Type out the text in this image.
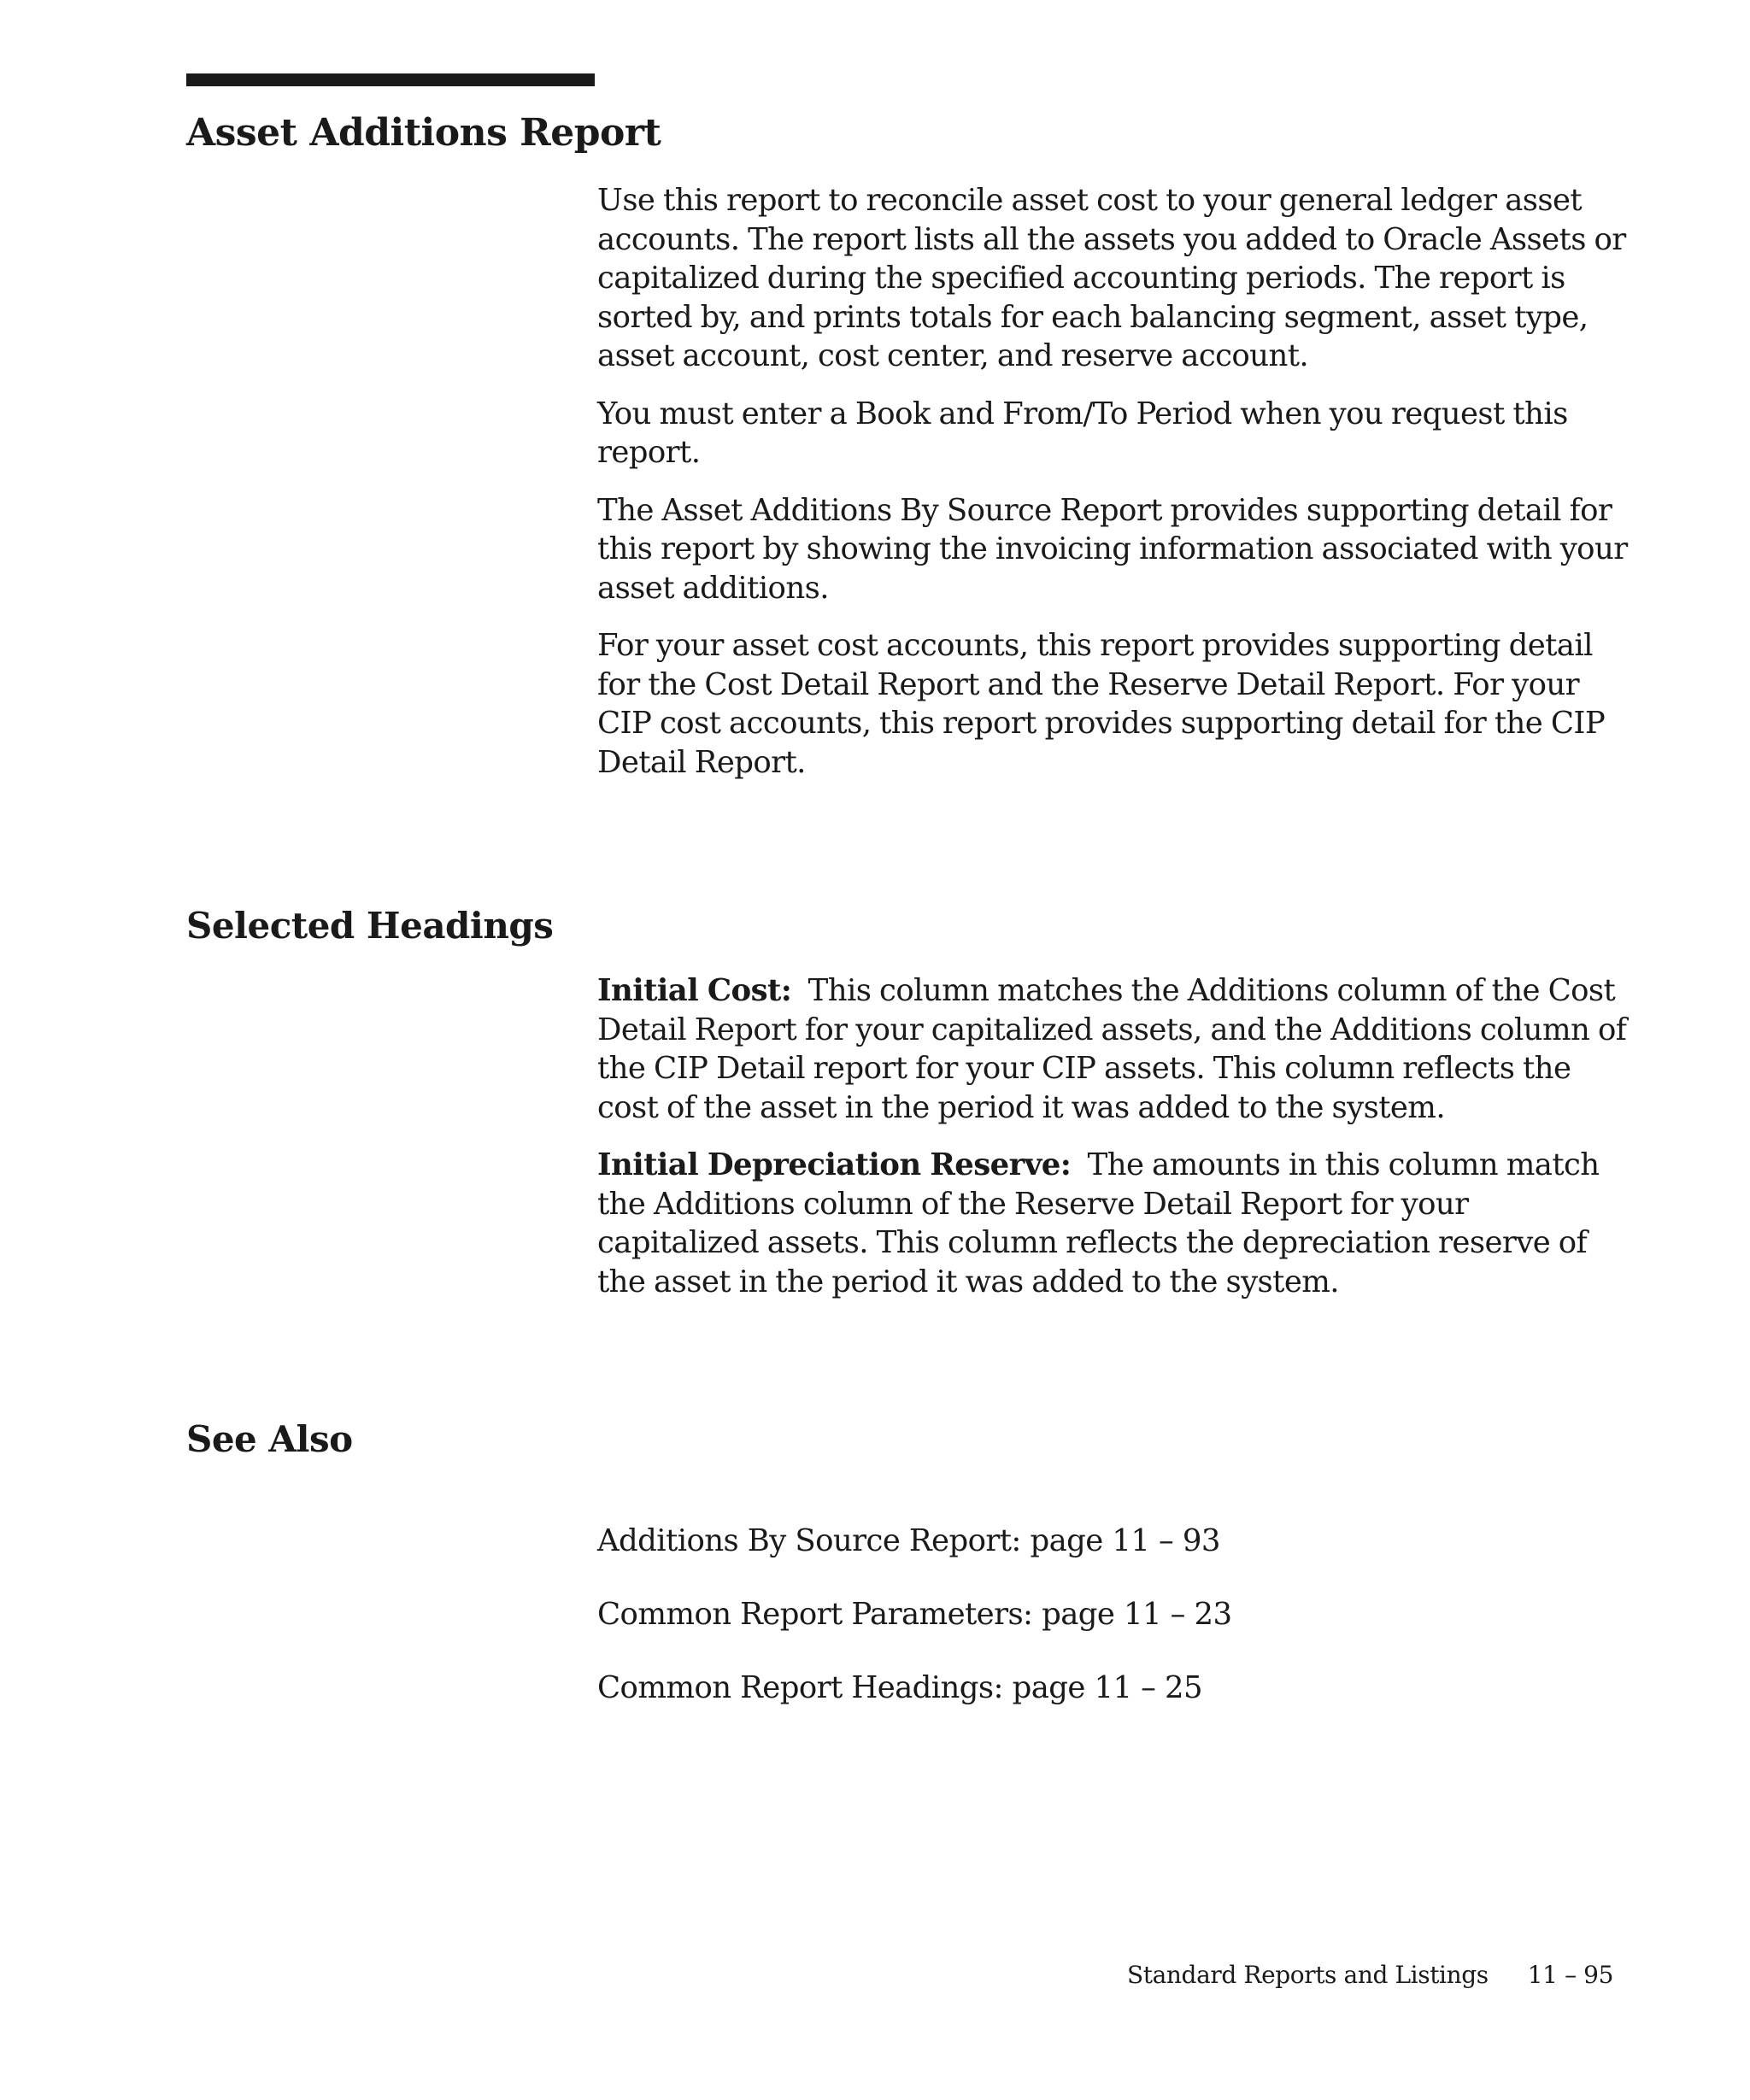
Asset Additions Report

Use this report to reconcile asset cost to your general ledger asset accounts. The report lists all the assets you added to Oracle Assets or capitalized during the specified accounting periods. The report is sorted by, and prints totals for each balancing segment, asset type, asset account, cost center, and reserve account.

You must enter a Book and From/To Period when you request this report.

The Asset Additions By Source Report provides supporting detail for this report by showing the invoicing information associated with your asset additions.

For your asset cost accounts, this report provides supporting detail for the Cost Detail Report and the Reserve Detail Report. For your CIP cost accounts, this report provides supporting detail for the CIP Detail Report.

Selected Headings

Initial Cost: This column matches the Additions column of the Cost Detail Report for your capitalized assets, and the Additions column of the CIP Detail report for your CIP assets. This column reflects the cost of the asset in the period it was added to the system.

Initial Depreciation Reserve: The amounts in this column match the Additions column of the Reserve Detail Report for your capitalized assets. This column reflects the depreciation reserve of the asset in the period it was added to the system.

See Also

Additions By Source Report: page 11 – 93

Common Report Parameters: page 11 – 23

Common Report Headings: page 11 – 25

Standard Reports and Listings 11 – 95
